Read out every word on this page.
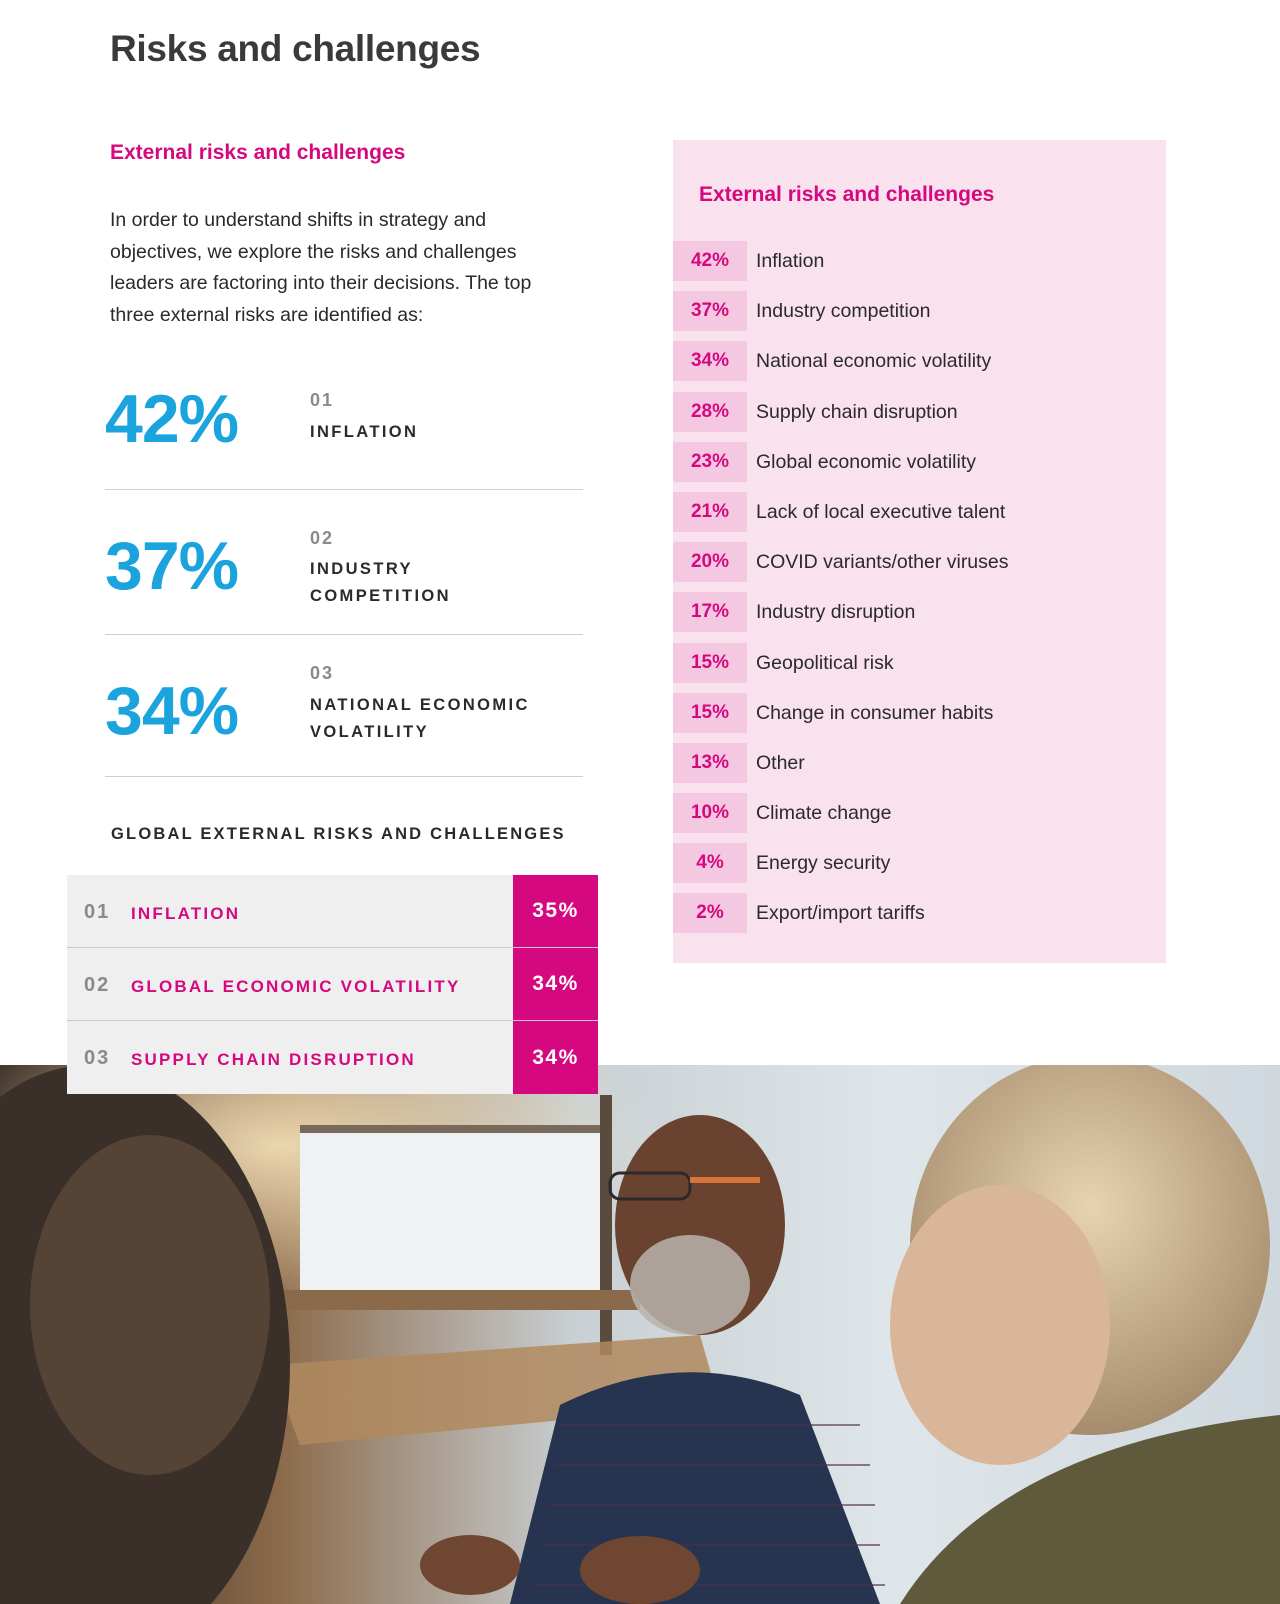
Risks and challenges
External risks and challenges

In order to understand shifts in strategy and objectives, we explore the risks and challenges leaders are factoring into their decisions. The top three external risks are identified as:

42%	01
INFLATION
37%	02
INDUSTRY COMPETITION
34%	03
NATIONAL ECONOMIC VOLATILITY
GLOBAL EXTERNAL RISKS AND CHALLENGES
01 INFLATION	35%
02 GLOBAL ECONOMIC VOLATILITY	34%
03 SUPPLY CHAIN DISRUPTION	34%
External risks and challenges
42%	Inflation
37%	Industry competition
34%	National economic volatility
28%	Supply chain disruption
23%	Global economic volatility
21%	Lack of local executive talent
20%	COVID variants/other viruses
17%	Industry disruption
15%	Geopolitical risk
15%	Change in consumer habits
13%	Other
10%	Climate change
4%	Energy security
2%	Export/import tariffs
